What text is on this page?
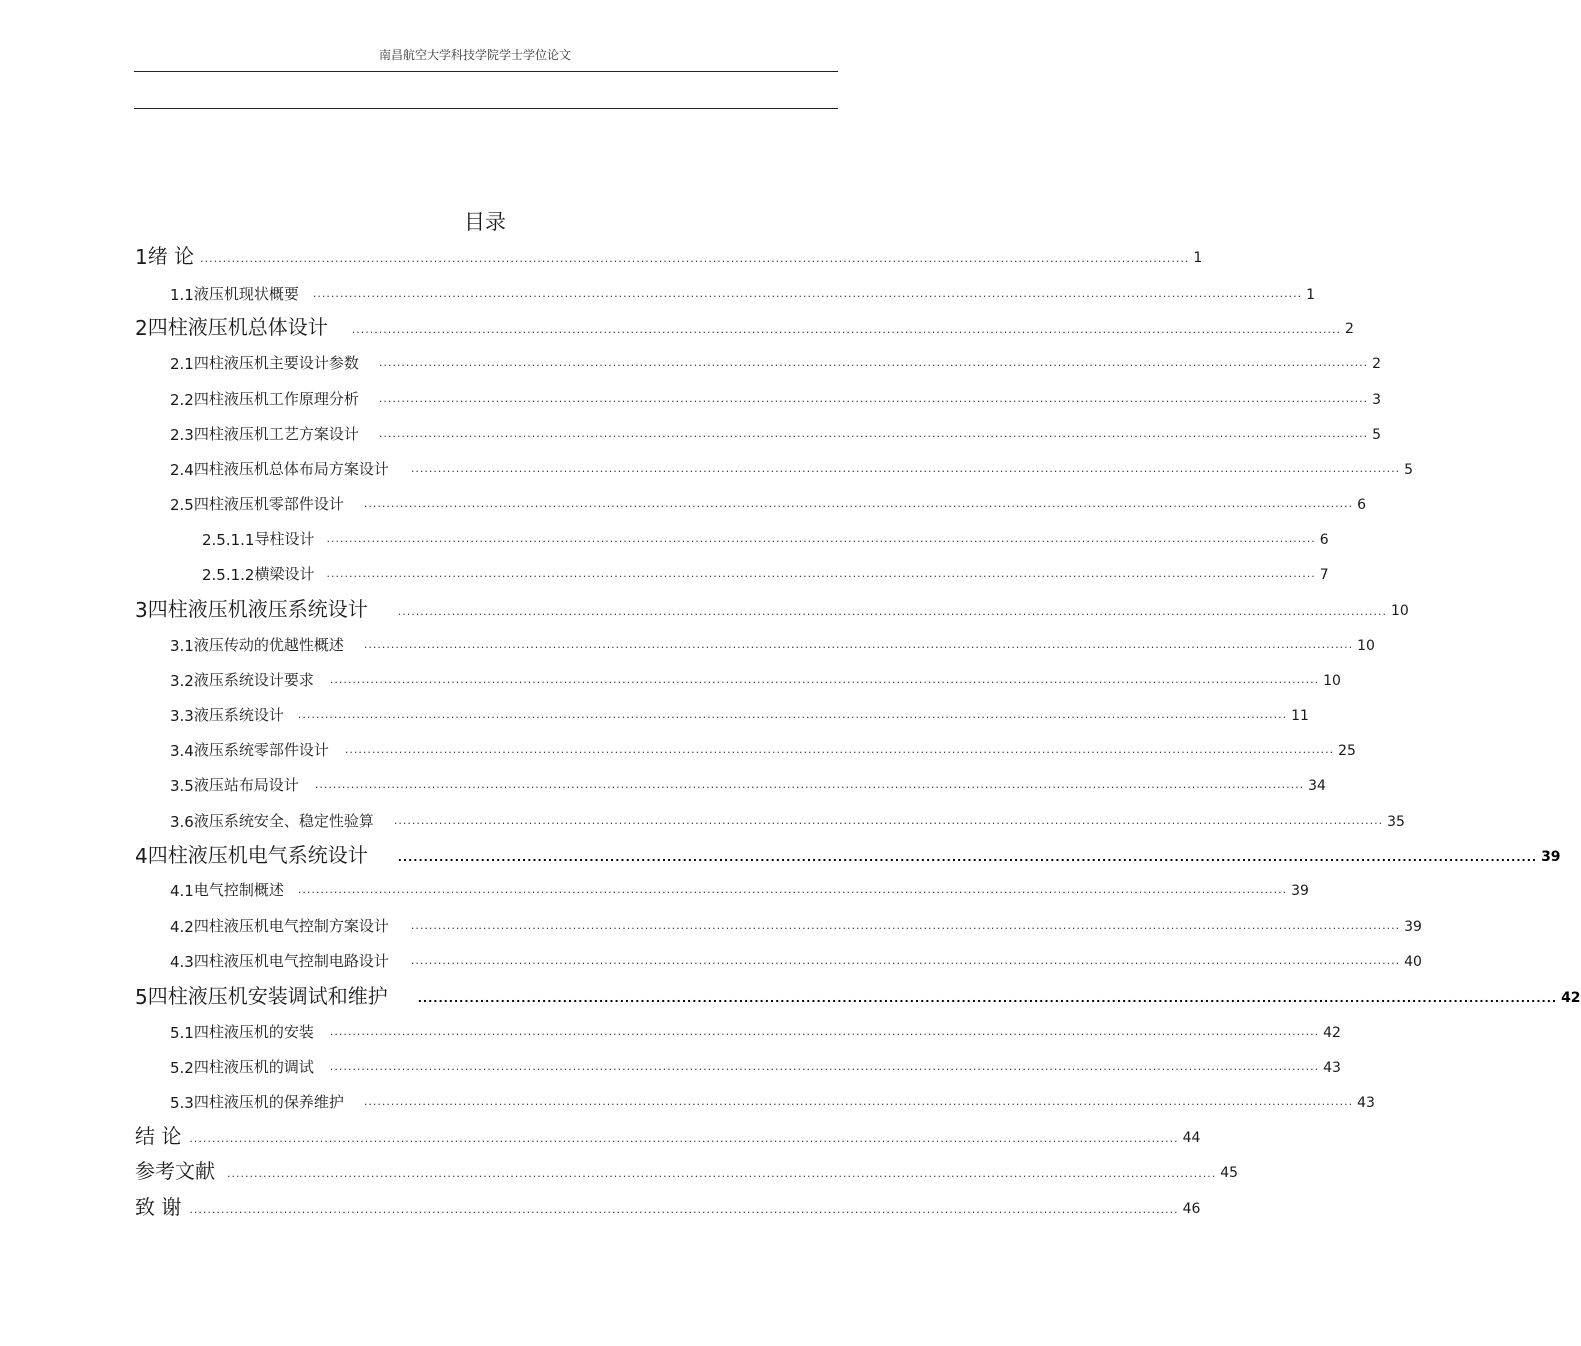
南昌航空大学科技学院学士学位论文
目录
1 绪 论 ............................................................................................................................................................................................................................ 1
1.1 液压机现状概要 ............................................................................................................................................................................................................................ 1
2 四柱液压机总体设计 ............................................................................................................................................................................................................................ 2
2.1 四柱液压机主要设计参数 ............................................................................................................................................................................................................................ 2
2.2 四柱液压机工作原理分析 ............................................................................................................................................................................................................................ 3
2.3 四柱液压机工艺方案设计 ............................................................................................................................................................................................................................ 5
2.4 四柱液压机总体布局方案设计 ............................................................................................................................................................................................................................ 5
2.5 四柱液压机零部件设计 ............................................................................................................................................................................................................................ 6
2.5.1.1 导柱设计 ............................................................................................................................................................................................................................ 6
2.5.1.2 横梁设计 ............................................................................................................................................................................................................................ 7
3 四柱液压机液压系统设计	............................................................................................................................................................................................................................ 10
3.1 液压传动的优越性概述 ............................................................................................................................................................................................................................ 10
3.2 液压系统设计要求 ............................................................................................................................................................................................................................ 10
3.3 液压系统设计 ............................................................................................................................................................................................................................ 11
3.4 液压系统零部件设计 ............................................................................................................................................................................................................................ 25
3.5 液压站布局设计 ............................................................................................................................................................................................................................ 34
3.6 液压系统安全、稳定性验算 ............................................................................................................................................................................................................................ 35
4 四柱液压机电气系统设计	............................................................................................................................................................................................................................ 39
4.1 电气控制概述 ............................................................................................................................................................................................................................ 39
4.2 四柱液压机电气控制方案设计 ............................................................................................................................................................................................................................ 39
4.3 四柱液压机电气控制电路设计 ............................................................................................................................................................................................................................ 40
5 四柱液压机安装调试和维护	............................................................................................................................................................................................................................ 42
5.1 四柱液压机的安装 ............................................................................................................................................................................................................................ 42
5.2 四柱液压机的调试 ............................................................................................................................................................................................................................ 43
5.3 四柱液压机的保养维护 ............................................................................................................................................................................................................................ 43
结 论 ............................................................................................................................................................................................................................ 44
参考文献 ............................................................................................................................................................................................................................ 45
致 谢 ............................................................................................................................................................................................................................ 46
